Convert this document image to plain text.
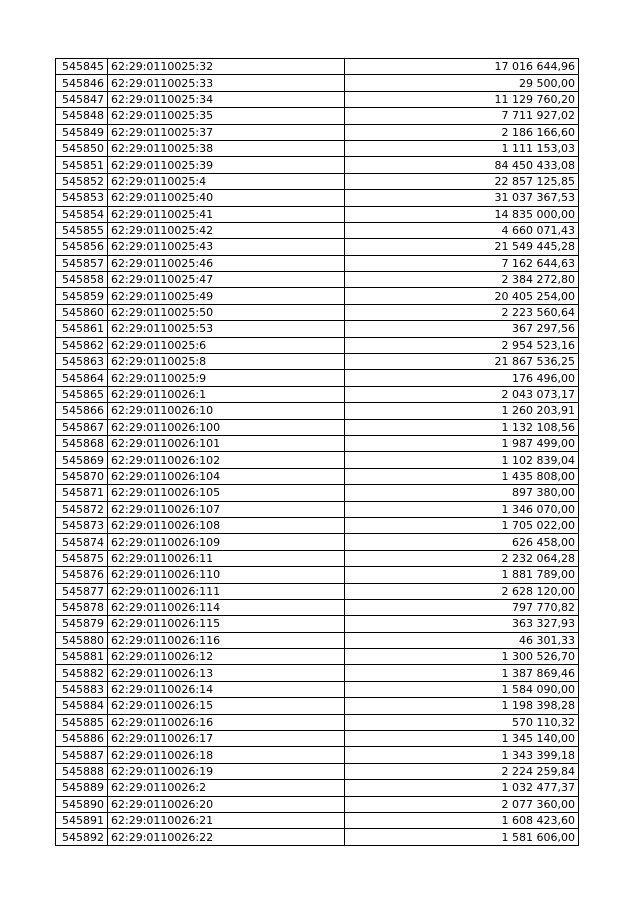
545845	62:29:0110025:32	17 016 644,96
545846	62:29:0110025:33	29 500,00
545847	62:29:0110025:34	11 129 760,20
545848	62:29:0110025:35	7 711 927,02
545849	62:29:0110025:37	2 186 166,60
545850	62:29:0110025:38	1 111 153,03
545851	62:29:0110025:39	84 450 433,08
545852	62:29:0110025:4	22 857 125,85
545853	62:29:0110025:40	31 037 367,53
545854	62:29:0110025:41	14 835 000,00
545855	62:29:0110025:42	4 660 071,43
545856	62:29:0110025:43	21 549 445,28
545857	62:29:0110025:46	7 162 644,63
545858	62:29:0110025:47	2 384 272,80
545859	62:29:0110025:49	20 405 254,00
545860	62:29:0110025:50	2 223 560,64
545861	62:29:0110025:53	367 297,56
545862	62:29:0110025:6	2 954 523,16
545863	62:29:0110025:8	21 867 536,25
545864	62:29:0110025:9	176 496,00
545865	62:29:0110026:1	2 043 073,17
545866	62:29:0110026:10	1 260 203,91
545867	62:29:0110026:100	1 132 108,56
545868	62:29:0110026:101	1 987 499,00
545869	62:29:0110026:102	1 102 839,04
545870	62:29:0110026:104	1 435 808,00
545871	62:29:0110026:105	897 380,00
545872	62:29:0110026:107	1 346 070,00
545873	62:29:0110026:108	1 705 022,00
545874	62:29:0110026:109	626 458,00
545875	62:29:0110026:11	2 232 064,28
545876	62:29:0110026:110	1 881 789,00
545877	62:29:0110026:111	2 628 120,00
545878	62:29:0110026:114	797 770,82
545879	62:29:0110026:115	363 327,93
545880	62:29:0110026:116	46 301,33
545881	62:29:0110026:12	1 300 526,70
545882	62:29:0110026:13	1 387 869,46
545883	62:29:0110026:14	1 584 090,00
545884	62:29:0110026:15	1 198 398,28
545885	62:29:0110026:16	570 110,32
545886	62:29:0110026:17	1 345 140,00
545887	62:29:0110026:18	1 343 399,18
545888	62:29:0110026:19	2 224 259,84
545889	62:29:0110026:2	1 032 477,37
545890	62:29:0110026:20	2 077 360,00
545891	62:29:0110026:21	1 608 423,60
545892	62:29:0110026:22	1 581 606,00
